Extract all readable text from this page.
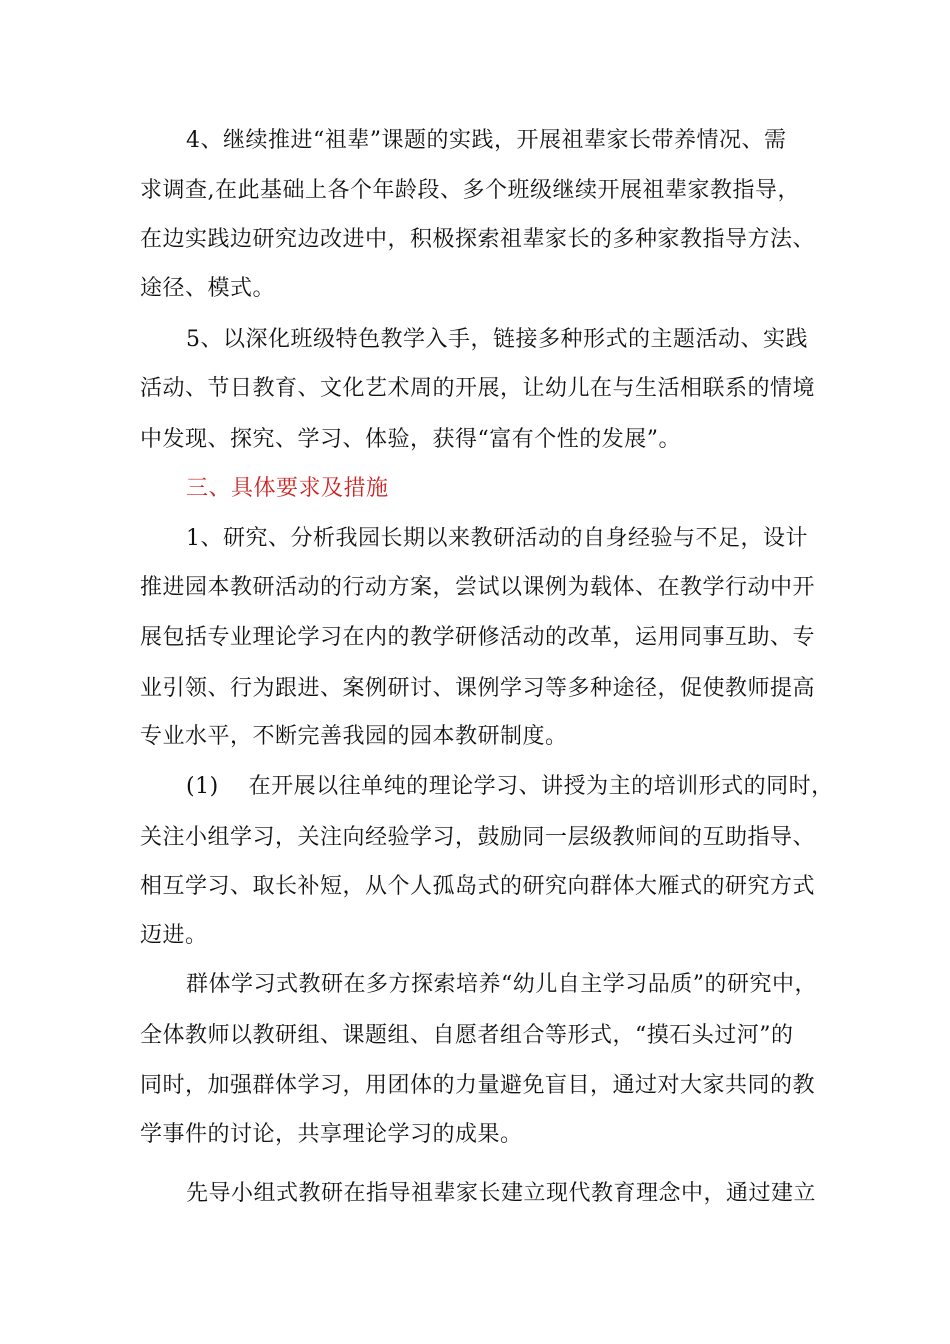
4、继续推进“祖辈”课题的实践，开展祖辈家长带养情况、需
求调查,在此基础上各个年龄段、多个班级继续开展祖辈家教指导，
在边实践边研究边改进中，积极探索祖辈家长的多种家教指导方法、
途径、模式。
5、以深化班级特色教学入手，链接多种形式的主题活动、实践
活动、节日教育、文化艺术周的开展，让幼儿在与生活相联系的情境
中发现、探究、学习、体验，获得“富有个性的发展”。
三、具体要求及措施
1、研究、分析我园长期以来教研活动的自身经验与不足，设计
推进园本教研活动的行动方案，尝试以课例为载体、在教学行动中开
展包括专业理论学习在内的教学研修活动的改革，运用同事互助、专
业引领、行为跟进、案例研讨、课例学习等多种途径，促使教师提高
专业水平，不断完善我园的园本教研制度。
(1)　 在开展以往单纯的理论学习、讲授为主的培训形式的同时，
关注小组学习，关注向经验学习，鼓励同一层级教师间的互助指导、
相互学习、取长补短，从个人孤岛式的研究向群体大雁式的研究方式
迈进。
群体学习式教研在多方探索培养“幼儿自主学习品质”的研究中，
全体教师以教研组、课题组、自愿者组合等形式，“摸石头过河”的
同时，加强群体学习，用团体的力量避免盲目，通过对大家共同的教
学事件的讨论，共享理论学习的成果。
先导小组式教研在指导祖辈家长建立现代教育理念中，通过建立
